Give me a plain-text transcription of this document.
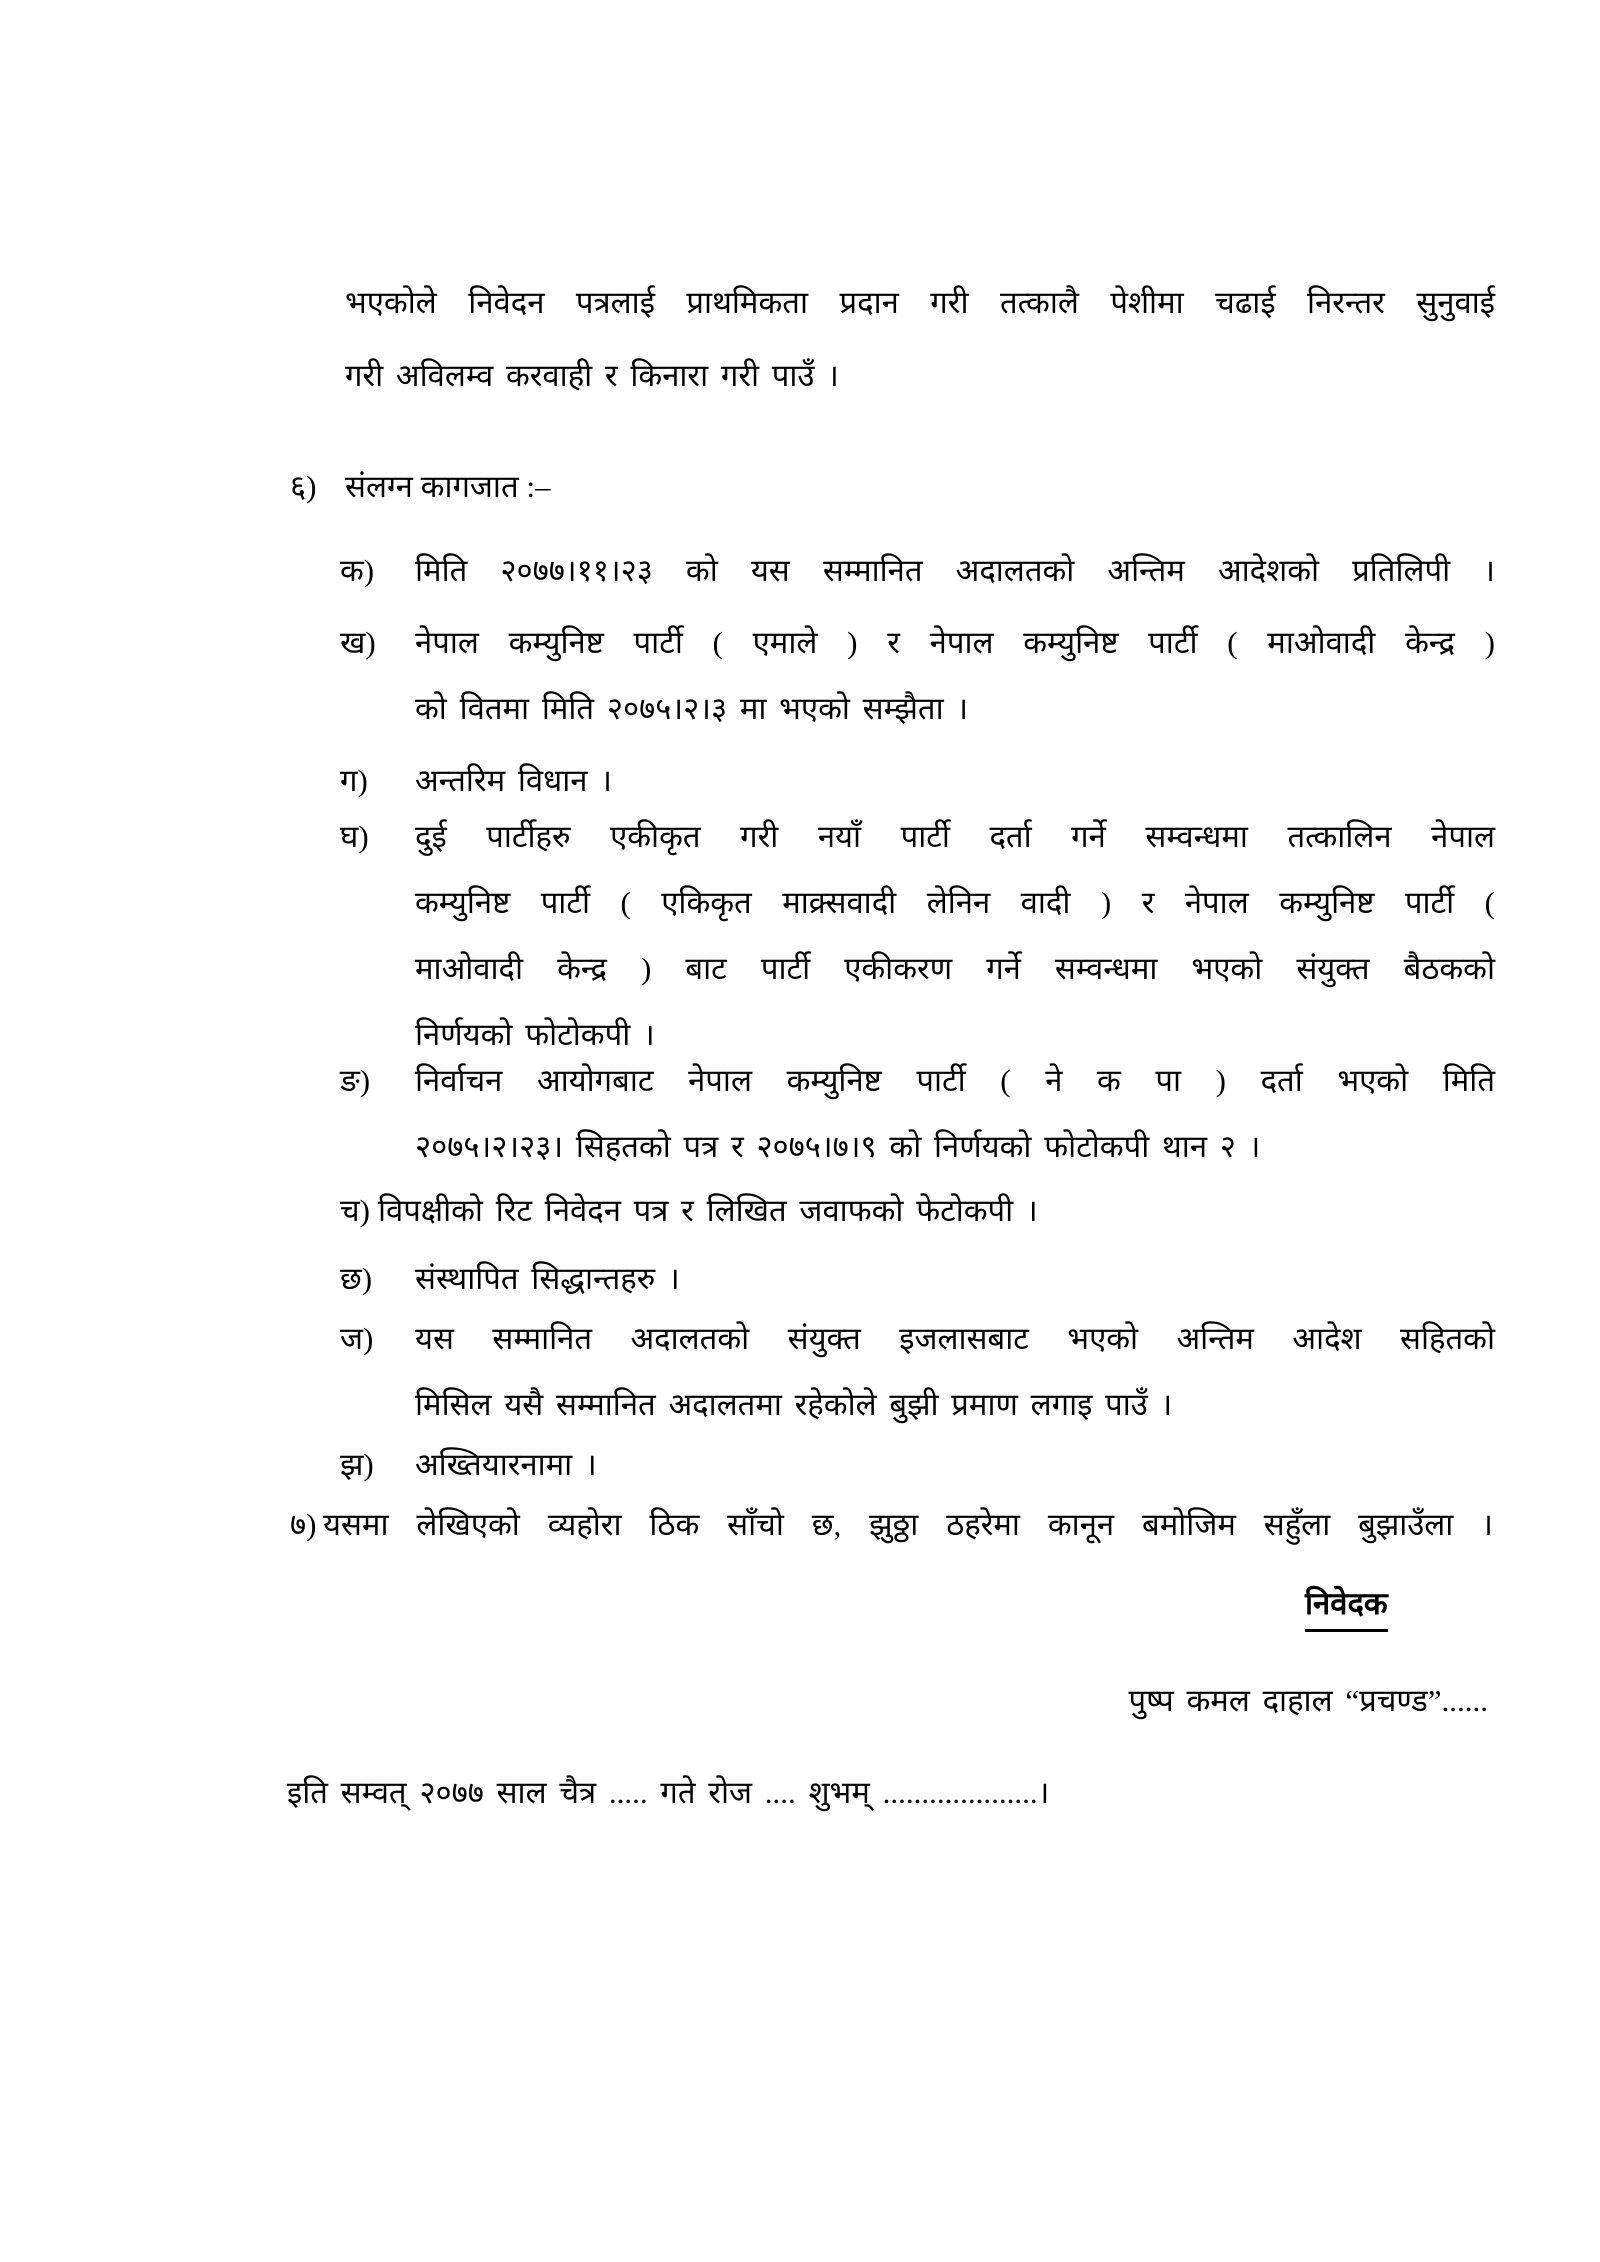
भएकोले निवेदन पत्रलाई प्राथमिकता प्रदान गरी तत्कालै पेशीमा चढाई निरन्तर सुनुवाई
गरी अविलम्व करवाही र किनारा गरी पाउँ ।
६) संलग्न कागजात :–
क) मिति २०७७।११।२३ को यस सम्मानित अदालतको अन्तिम आदेशको प्रतिलिपी ।
ख) नेपाल कम्युनिष्ट पार्टी ( एमाले ) र नेपाल कम्युनिष्ट पार्टी ( माओवादी केन्द्र )
को वितमा मिति २०७५।२।३ मा भएको सम्झैता ।
ग) अन्तरिम विधान ।
घ) दुई पार्टीहरु एकीकृत गरी नयाँ पार्टी दर्ता गर्ने सम्वन्धमा तत्कालिन नेपाल
कम्युनिष्ट पार्टी ( एकिकृत माक्र्सवादी लेनिन वादी ) र नेपाल कम्युनिष्ट पार्टी (
माओवादी केन्द्र ) बाट पार्टी एकीकरण गर्ने सम्वन्धमा भएको संयुक्त बैठकको
निर्णयको फोटोकपी ।
ङ) निर्वाचन आयोगबाट नेपाल कम्युनिष्ट पार्टी ( ने क पा ) दर्ता भएको मिति
२०७५।२।२३। सिहतको पत्र र २०७५।७।९ को निर्णयको फोटोकपी थान २ ।
च) विपक्षीको रिट निवेदन पत्र र लिखित जवाफको फेटोकपी ।
छ) संस्थापित सिद्धान्तहरु ।
ज) यस सम्मानित अदालतको संयुक्त इजलासबाट भएको अन्तिम आदेश सहितको
मिसिल यसै सम्मानित अदालतमा रहेकोले बुझी प्रमाण लगाइ पाउँ ।
झ) अख्तियारनामा ।
७) यसमा लेखिएको व्यहोरा ठिक साँचो छ, झुठ्ठा ठहरेमा कानून बमोजिम सहुँला बुझाउँला ।
निवेदक
पुष्प कमल दाहाल “प्रचण्ड”......
इति सम्वत् २०७७ साल चैत्र ..... गते रोज .... शुभम् ....................।
